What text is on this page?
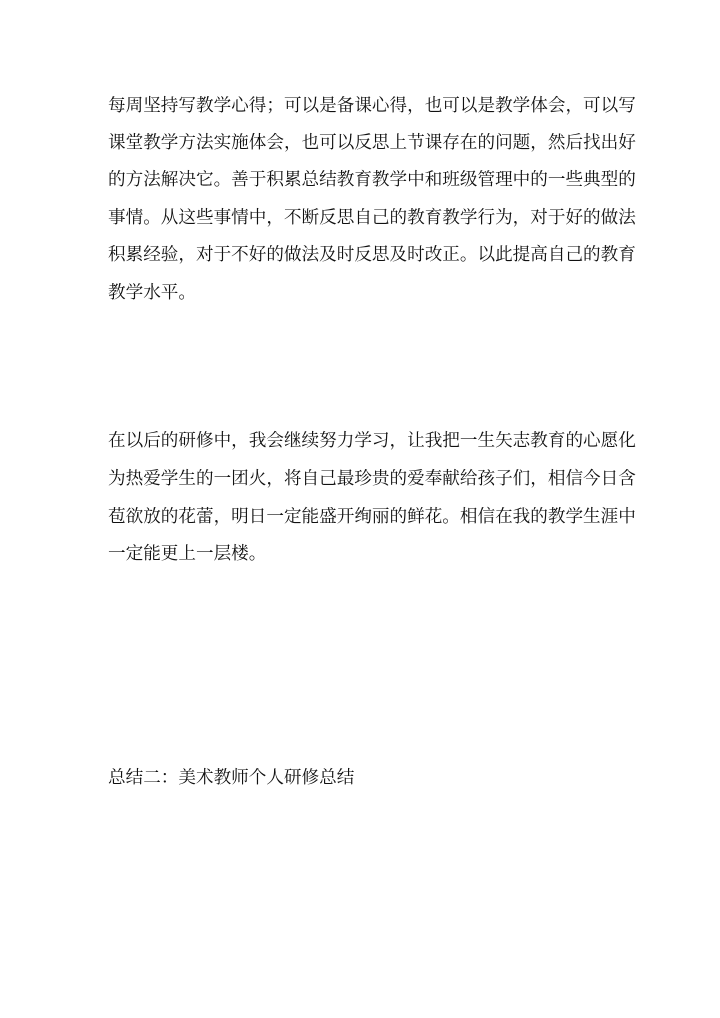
每周坚持写教学心得；可以是备课心得，也可以是教学体会，可以写
课堂教学方法实施体会，也可以反思上节课存在的问题，然后找出好
的方法解决它。善于积累总结教育教学中和班级管理中的一些典型的
事情。从这些事情中，不断反思自己的教育教学行为，对于好的做法
积累经验，对于不好的做法及时反思及时改正。以此提高自己的教育
教学水平。
在以后的研修中，我会继续努力学习，让我把一生矢志教育的心愿化
为热爱学生的一团火，将自己最珍贵的爱奉献给孩子们，相信今日含
苞欲放的花蕾，明日一定能盛开绚丽的鲜花。相信在我的教学生涯中
一定能更上一层楼。
总结二：美术教师个人研修总结
